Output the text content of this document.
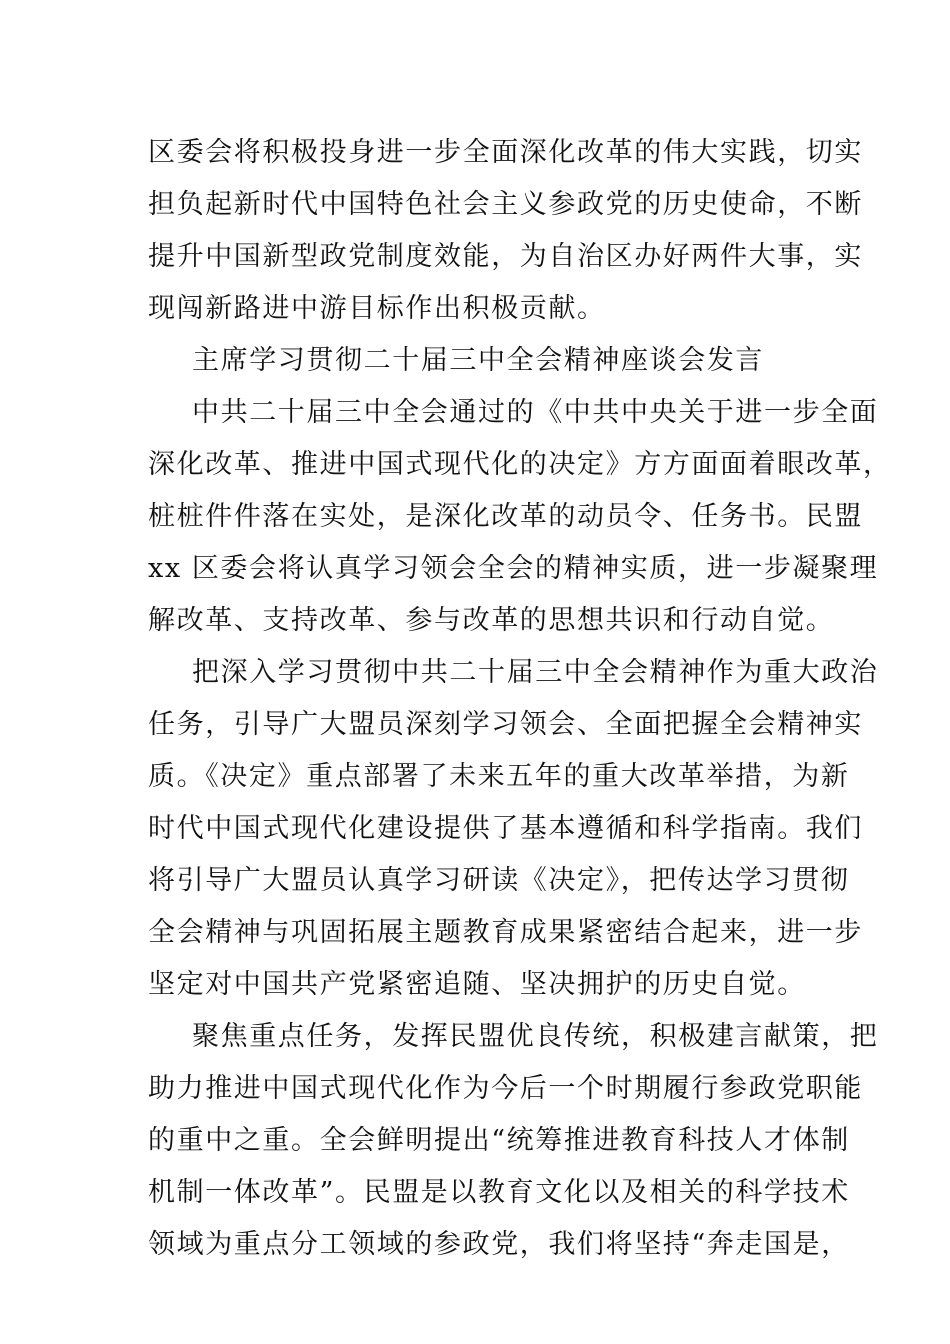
区委会将积极投身进一步全面深化改革的伟大实践，切实
担负起新时代中国特色社会主义参政党的历史使命，不断
提升中国新型政党制度效能，为自治区办好两件大事，实
现闯新路进中游目标作出积极贡献。
主席学习贯彻二十届三中全会精神座谈会发言
中共二十届三中全会通过的《中共中央关于进一步全面
深化改革、推进中国式现代化的决定》方方面面着眼改革，
桩桩件件落在实处，是深化改革的动员令、任务书。民盟
xx 区委会将认真学习领会全会的精神实质，进一步凝聚理
解改革、支持改革、参与改革的思想共识和行动自觉。
把深入学习贯彻中共二十届三中全会精神作为重大政治
任务，引导广大盟员深刻学习领会、全面把握全会精神实
质。《决定》重点部署了未来五年的重大改革举措，为新
时代中国式现代化建设提供了基本遵循和科学指南。我们
将引导广大盟员认真学习研读《决定》，把传达学习贯彻
全会精神与巩固拓展主题教育成果紧密结合起来，进一步
坚定对中国共产党紧密追随、坚决拥护的历史自觉。
聚焦重点任务，发挥民盟优良传统，积极建言献策，把
助力推进中国式现代化作为今后一个时期履行参政党职能
的重中之重。全会鲜明提出“统筹推进教育科技人才体制
机制一体改革”。民盟是以教育文化以及相关的科学技术
领域为重点分工领域的参政党，我们将坚持“奔走国是，
